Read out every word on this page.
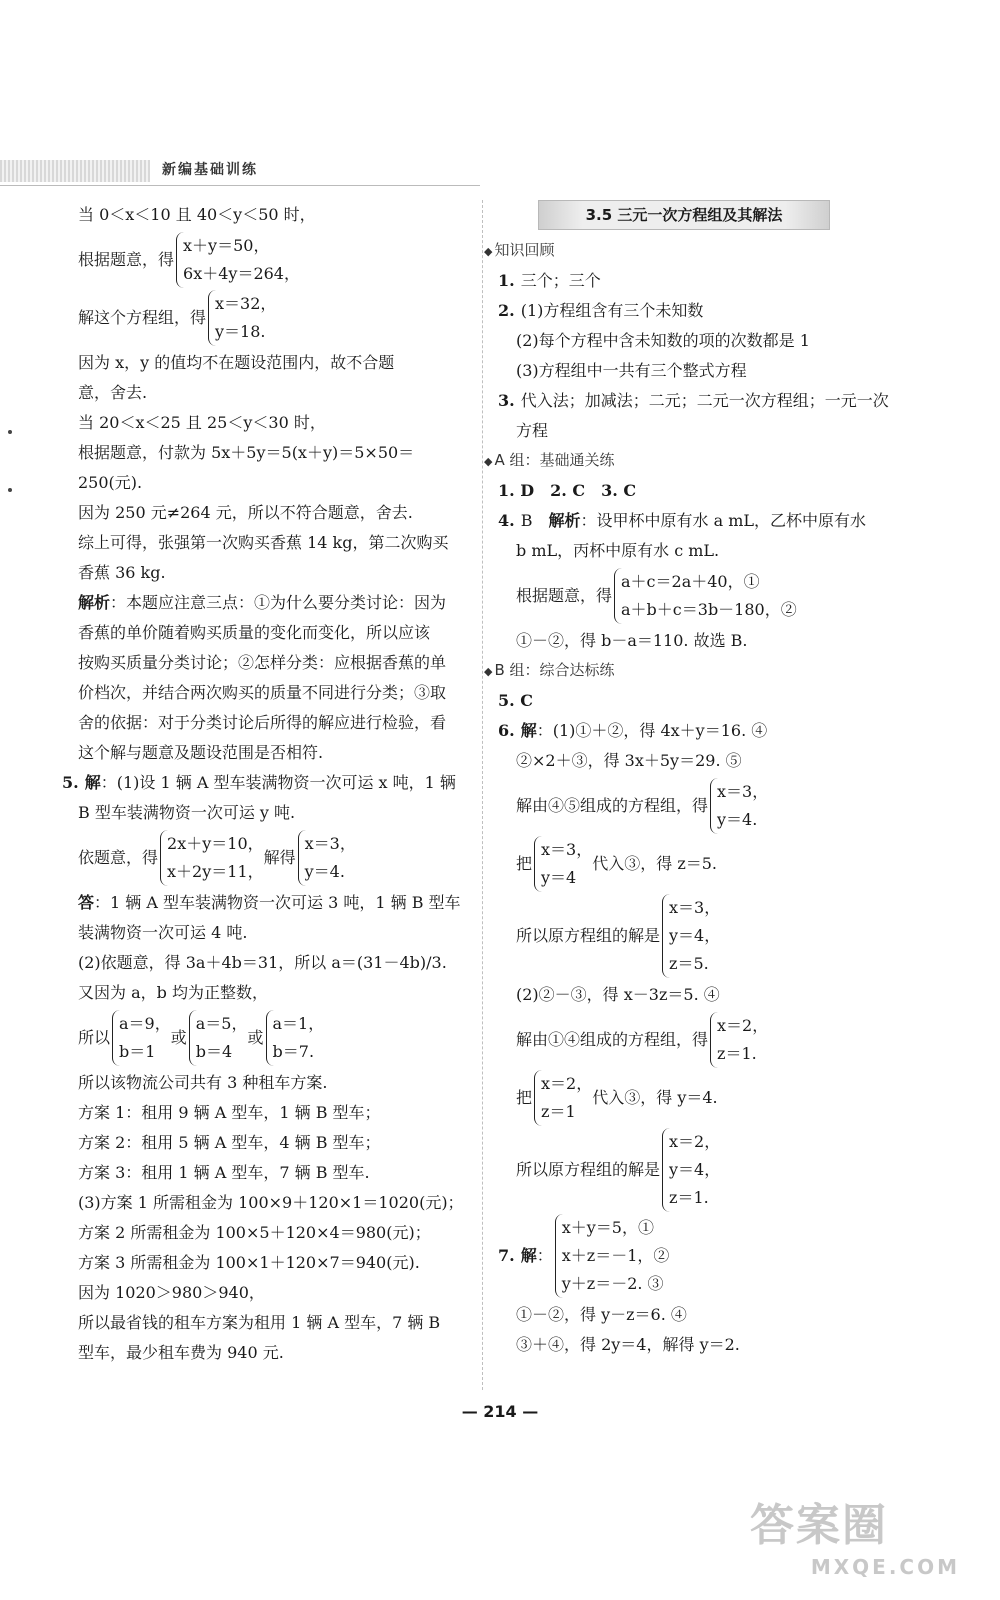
新编基础训练
当 0＜x＜10 且 40＜y＜50 时，
根据题意，得
x＋y＝50，
6x＋4y＝264，
解这个方程组，得
x＝32，
y＝18.
因为 x，y 的值均不在题设范围内，故不合题
意，舍去.
当 20＜x＜25 且 25＜y＜30 时，
根据题意，付款为 5x＋5y＝5(x＋y)＝5×50＝
250(元).
因为 250 元≠264 元，所以不符合题意，舍去.
综上可得，张强第一次购买香蕉 14 kg，第二次购买
香蕉 36 kg.
解析：本题应注意三点：①为什么要分类讨论：因为
香蕉的单价随着购买质量的变化而变化，所以应该
按购买质量分类讨论；②怎样分类：应根据香蕉的单
价档次，并结合两次购买的质量不同进行分类；③取
舍的依据：对于分类讨论后所得的解应进行检验，看
这个解与题意及题设范围是否相符.
5. 解：(1)设 1 辆 A 型车装满物资一次可运 x 吨，1 辆
B 型车装满物资一次可运 y 吨.
依题意，得
2x＋y＝10，
x＋2y＝11，
解得
x＝3，
y＝4.
答：1 辆 A 型车装满物资一次可运 3 吨，1 辆 B 型车
装满物资一次可运 4 吨.
(2)依题意，得 3a＋4b＝31，所以 a＝(31－4b)/3.
又因为 a，b 均为正整数，
所以
a＝9，
b＝1
或
a＝5，
b＝4
或
a＝1，
b＝7.
所以该物流公司共有 3 种租车方案.
方案 1：租用 9 辆 A 型车，1 辆 B 型车；
方案 2：租用 5 辆 A 型车，4 辆 B 型车；
方案 3：租用 1 辆 A 型车，7 辆 B 型车.
(3)方案 1 所需租金为 100×9＋120×1＝1020(元)；
方案 2 所需租金为 100×5＋120×4＝980(元)；
方案 3 所需租金为 100×1＋120×7＝940(元).
因为 1020＞980＞940，
所以最省钱的租车方案为租用 1 辆 A 型车，7 辆 B
型车，最少租车费为 940 元.
3.5 三元一次方程组及其解法
◆ 知识回顾
1. 三个；三个
2. (1)方程组含有三个未知数
(2)每个方程中含未知数的项的次数都是 1
(3)方程组中一共有三个整式方程
3. 代入法；加减法；二元；二元一次方程组；一元一次
方程
◆ A 组：基础通关练
1. D　2. C　3. C
4. B　 解析：设甲杯中原有水 a mL，乙杯中原有水
b mL，丙杯中原有水 c mL.
根据题意，得
a＋c＝2a＋40，①
a＋b＋c＝3b－180，②
①－②，得 b－a＝110. 故选 B.
◆ B 组：综合达标练
5. C
6. 解：(1)①＋②，得 4x＋y＝16. ④
②×2＋③，得 3x＋5y＝29. ⑤
解由④⑤组成的方程组，得
x＝3，
y＝4.
把
x＝3，
y＝4
代入③，得 z＝5.
所以原方程组的解是
x＝3，
y＝4，
z＝5.
(2)②－③，得 x－3z＝5. ④
解由①④组成的方程组，得
x＝2，
z＝1.
把
x＝2，
z＝1
代入③，得 y＝4.
所以原方程组的解是
x＝2，
y＝4，
z＝1.
7. 解：
x＋y＝5，①
x＋z＝－1，②
y＋z＝－2. ③
①－②，得 y－z＝6. ④
③＋④，得 2y＝4，解得 y＝2.
— 214 —
答案圈
MXQE.COM
